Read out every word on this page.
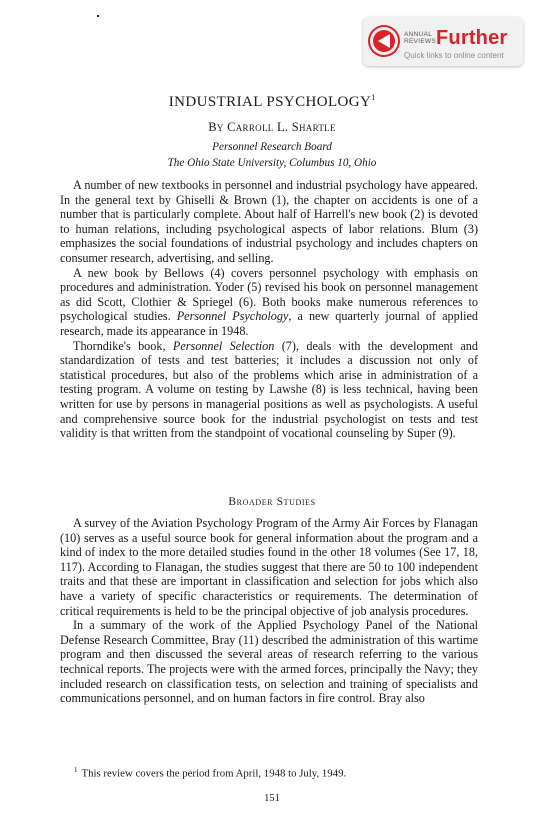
ANNUAL REVIEWS Further
Quick links to online content
INDUSTRIAL PSYCHOLOGY$^1$
By Carroll L. Shartle
Personnel Research Board
The Ohio State University, Columbus 10, Ohio

A number of new textbooks in personnel and industrial psychology have appeared. In the general text by Ghiselli & Brown (1), the chapter on accidents is one of a number that is particularly complete. About half of Harrell's new book (2) is devoted to human relations, including psychological aspects of labor relations. Blum (3) emphasizes the social foundations of industrial psychology and includes chapters on consumer research, advertising, and selling.

A new book by Bellows (4) covers personnel psychology with emphasis on procedures and administration. Yoder (5) revised his book on personnel management as did Scott, Clothier & Spriegel (6). Both books make numerous references to psychological studies. Personnel Psychology, a new quarterly journal of applied research, made its appearance in 1948.

Thorndike's book, Personnel Selection (7), deals with the development and standardization of tests and test batteries; it includes a discussion not only of statistical procedures, but also of the problems which arise in administration of a testing program. A volume on testing by Lawshe (8) is less technical, having been written for use by persons in managerial positions as well as psychologists. A useful and comprehensive source book for the industrial psychologist on tests and test validity is that written from the standpoint of vocational counseling by Super (9).

Broader Studies

A survey of the Aviation Psychology Program of the Army Air Forces by Flanagan (10) serves as a useful source book for general information about the program and a kind of index to the more detailed studies found in the other 18 volumes (See 17, 18, 117). According to Flanagan, the studies suggest that there are 50 to 100 independent traits and that these are important in classification and selection for jobs which also have a variety of specific characteristics or requirements. The determination of critical requirements is held to be the principal objective of job analysis procedures.

In a summary of the work of the Applied Psychology Panel of the National Defense Research Committee, Bray (11) described the administration of this wartime program and then discussed the several areas of research referring to the various technical reports. The projects were with the armed forces, principally the Navy; they included research on classification tests, on selection and training of specialists and communications personnel, and on human factors in fire control. Bray also

$^1$ This review covers the period from April, 1948 to July, 1949.
151
